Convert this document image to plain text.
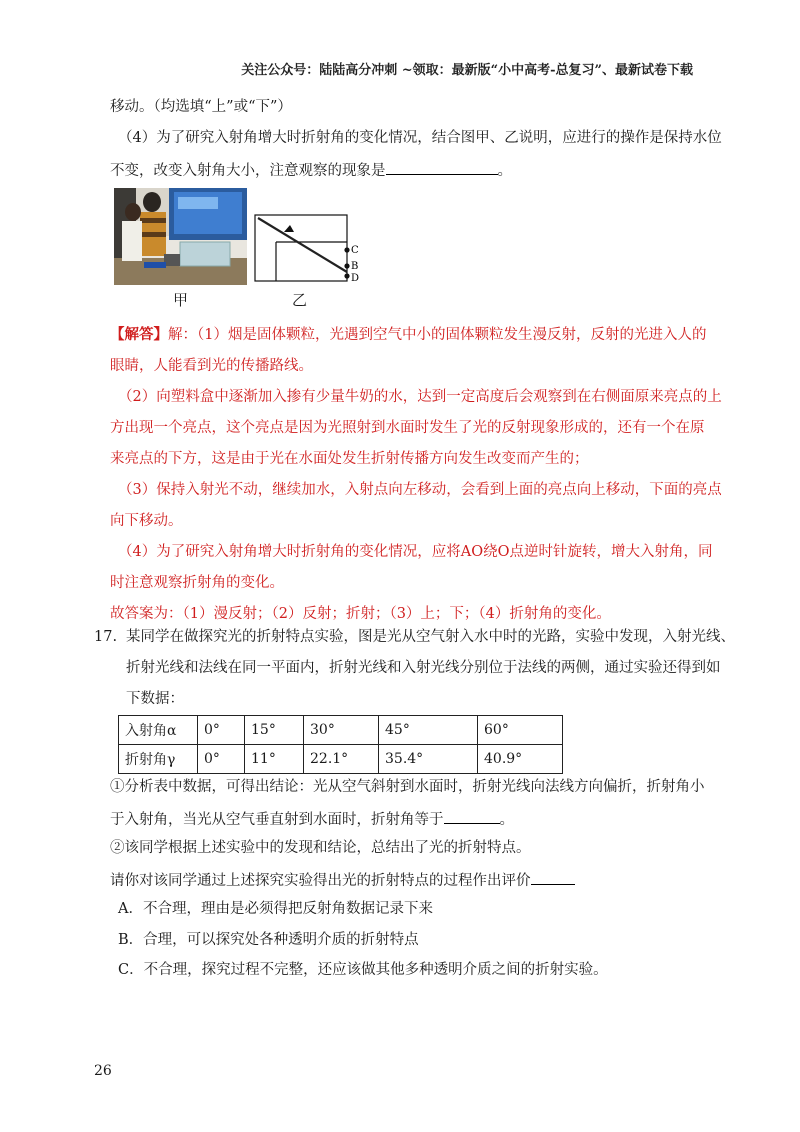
关注公众号：陆陆高分冲刺 ~领取：最新版“小中高考-总复习”、最新试卷下载
移动。（均选填“上”或“下”）
（4）为了研究入射角增大时折射角的变化情况，结合图甲、乙说明，应进行的操作是保持水位
不变，改变入射角大小，注意观察的现象是	。
C
B
D
甲	乙
【解答】解：（1）烟是固体颗粒，光遇到空气中小的固体颗粒发生漫反射，反射的光进入人的
眼睛，人能看到光的传播路线。
（2）向塑料盒中逐渐加入掺有少量牛奶的水，达到一定高度后会观察到在右侧面原来亮点的上
方出现一个亮点，这个亮点是因为光照射到水面时发生了光的反射现象形成的，还有一个在原
来亮点的下方，这是由于光在水面处发生折射传播方向发生改变而产生的；
（3）保持入射光不动，继续加水，入射点向左移动，会看到上面的亮点向上移动，下面的亮点
向下移动。
（4）为了研究入射角增大时折射角的变化情况，应将AO绕O点逆时针旋转，增大入射角，同
时注意观察折射角的变化。
故答案为：（1）漫反射；（2）反射；折射；（3）上；下；（4）折射角的变化。
17. 某同学在做探究光的折射特点实验，图是光从空气射入水中时的光路，实验中发现，入射光线、
折射光线和法线在同一平面内，折射光线和入射光线分别位于法线的两侧，通过实验还得到如
下数据：
入射角α	0°	15°	30°	45°	60°
折射角γ	0°	11°	22.1°	35.4°	40.9°
①分析表中数据，可得出结论：光从空气斜射到水面时，折射光线向法线方向偏折，折射角小
于入射角，当光从空气垂直射到水面时，折射角等于	。
②该同学根据上述实验中的发现和结论，总结出了光的折射特点。
请你对该同学通过上述探究实验得出光的折射特点的过程作出评价
A．不合理，理由是必须得把反射角数据记录下来
B．合理，可以探究处各种透明介质的折射特点
C．不合理，探究过程不完整，还应该做其他多种透明介质之间的折射实验。
26
